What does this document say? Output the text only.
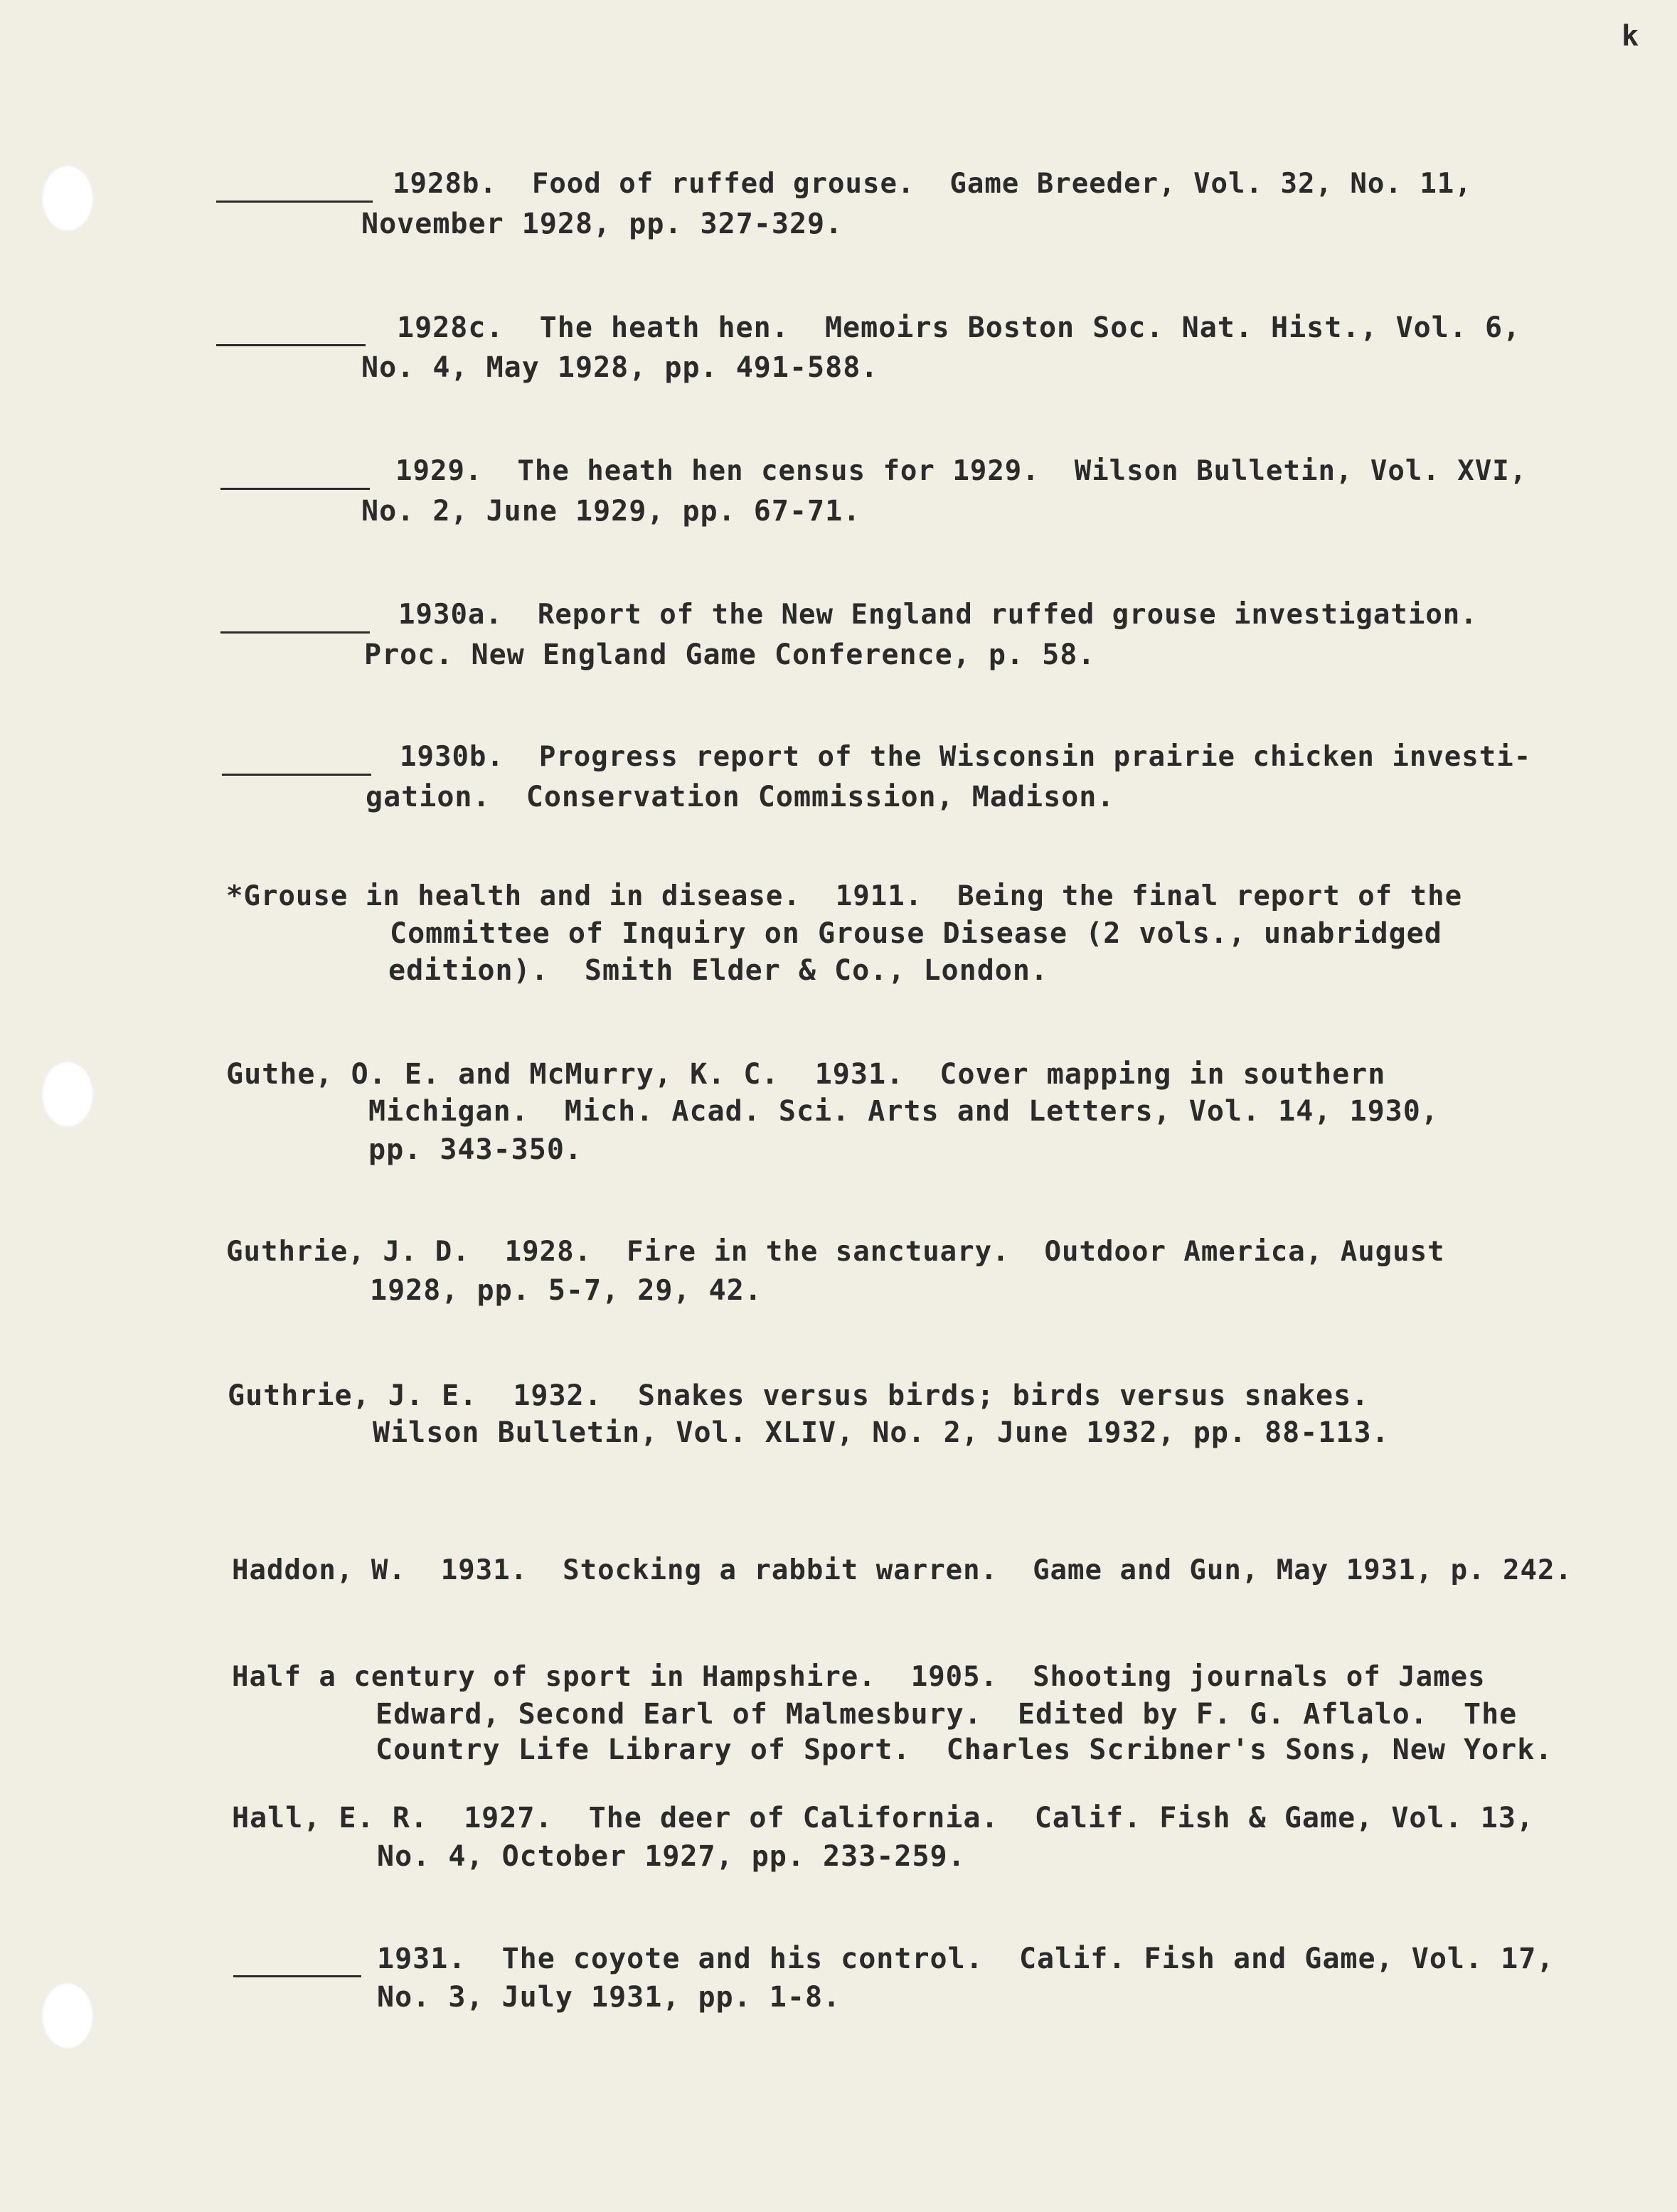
k
1928b.  Food of ruffed grouse.  Game Breeder, Vol. 32, No. 11,
November 1928, pp. 327-329.
1928c.  The heath hen.  Memoirs Boston Soc. Nat. Hist., Vol. 6,
No. 4, May 1928, pp. 491-588.
1929.  The heath hen census for 1929.  Wilson Bulletin, Vol. XVI,
No. 2, June 1929, pp. 67-71.
1930a.  Report of the New England ruffed grouse investigation.
Proc. New England Game Conference, p. 58.
1930b.  Progress report of the Wisconsin prairie chicken investi-
gation.  Conservation Commission, Madison.
*Grouse in health and in disease.  1911.  Being the final report of the
Committee of Inquiry on Grouse Disease (2 vols., unabridged
edition).  Smith Elder & Co., London.
Guthe, O. E. and McMurry, K. C.  1931.  Cover mapping in southern
Michigan.  Mich. Acad. Sci. Arts and Letters, Vol. 14, 1930,
pp. 343-350.
Guthrie, J. D.  1928.  Fire in the sanctuary.  Outdoor America, August
1928, pp. 5-7, 29, 42.
Guthrie, J. E.  1932.  Snakes versus birds; birds versus snakes.
Wilson Bulletin, Vol. XLIV, No. 2, June 1932, pp. 88-113.
Haddon, W.  1931.  Stocking a rabbit warren.  Game and Gun, May 1931, p. 242.
Half a century of sport in Hampshire.  1905.  Shooting journals of James
Edward, Second Earl of Malmesbury.  Edited by F. G. Aflalo.  The
Country Life Library of Sport.  Charles Scribner's Sons, New York.
Hall, E. R.  1927.  The deer of California.  Calif. Fish & Game, Vol. 13,
No. 4, October 1927, pp. 233-259.
1931.  The coyote and his control.  Calif. Fish and Game, Vol. 17,
No. 3, July 1931, pp. 1-8.
